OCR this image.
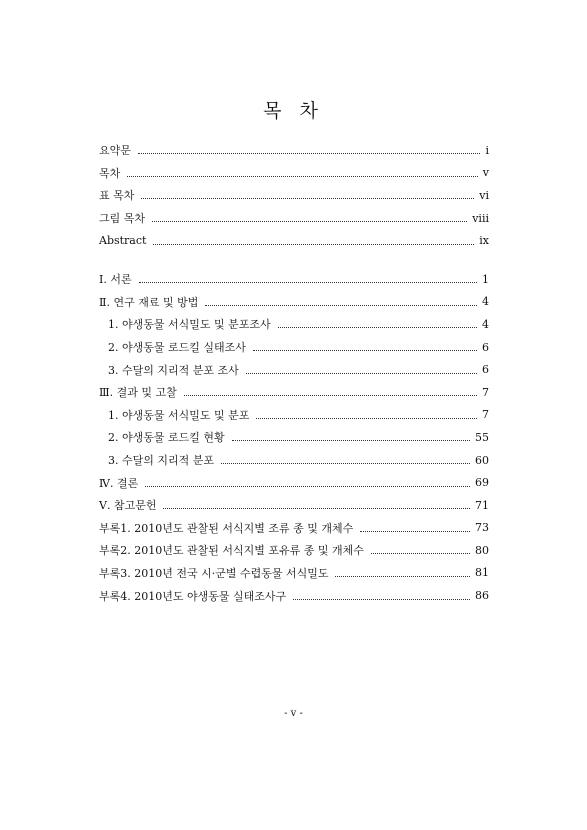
목 차
요약문	i
목차	v
표 목차	vi
그림 목차	viii
Abstract	ix
Ⅰ. 서론	1
Ⅱ. 연구 재료 및 방법	4
1. 야생동물 서식밀도 및 분포조사	4
2. 야생동물 로드킬 실태조사	6
3. 수달의 지리적 분포 조사	6
Ⅲ. 결과 및 고찰	7
1. 야생동물 서식밀도 및 분포	7
2. 야생동물 로드킬 현황	55
3. 수달의 지리적 분포	60
Ⅳ. 결론	69
Ⅴ. 참고문헌	71
부록1. 2010년도 관찰된 서식지별 조류 종 및 개체수	73
부록2. 2010년도 관찰된 서식지별 포유류 종 및 개체수	80
부록3. 2010년 전국 시·군별 수렵동물 서식밀도	81
부록4. 2010년도 야생동물 실태조사구	86
- v -
